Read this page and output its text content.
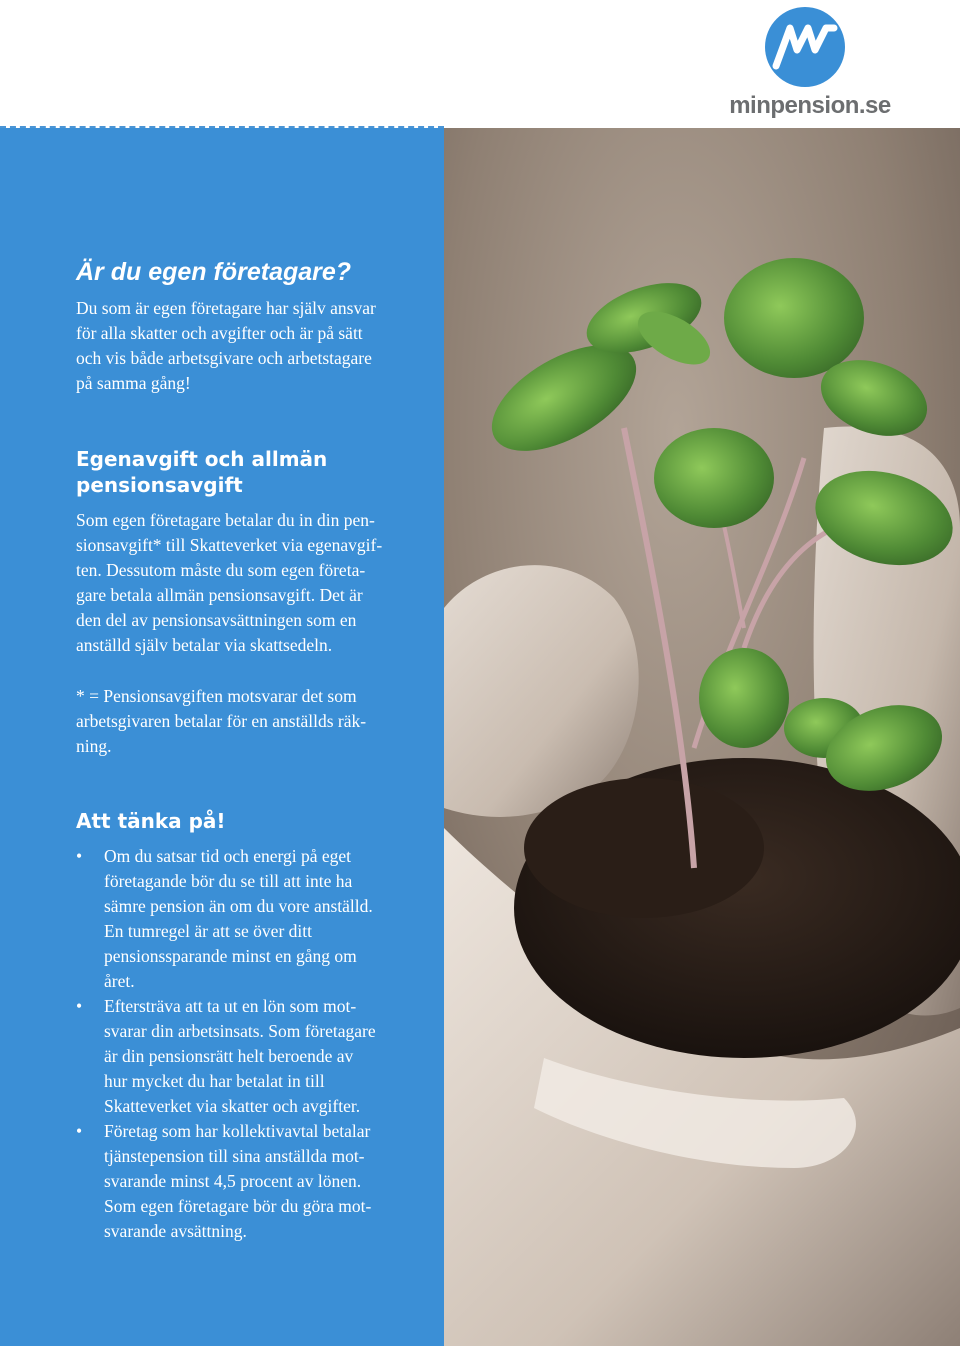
minpension.se
Är du egen företagare?

Du som är egen företagare har själv ansvar
för alla skatter och avgifter och är på sätt
och vis både arbetsgivare och arbetstagare
på samma gång!

Egenavgift och allmän
pensionsavgift

Som egen företagare betalar du in din pen-
sionsavgift* till Skatteverket via egenavgif-
ten. Dessutom måste du som egen företa-
gare betala allmän pensionsavgift. Det är
den del av pensionsavsättningen som en
anställd själv betalar via skattsedeln.

* = Pensionsavgiften motsvarar det som
arbetsgivaren betalar för en anställds räk-
ning.

Att tänka på!
• Om du satsar tid och energi på eget
företagande bör du se till att inte ha
sämre pension än om du vore anställd.
En tumregel är att se över ditt
pensionssparande minst en gång om
året.
• Eftersträva att ta ut en lön som mot-
svarar din arbetsinsats. Som företagare
är din pensionsrätt helt beroende av
hur mycket du har betalat in till
Skatteverket via skatter och avgifter.
• Företag som har kollektivavtal betalar
tjänstepension till sina anställda mot-
svarande minst 4,5 procent av lönen.
Som egen företagare bör du göra mot-
svarande avsättning.
